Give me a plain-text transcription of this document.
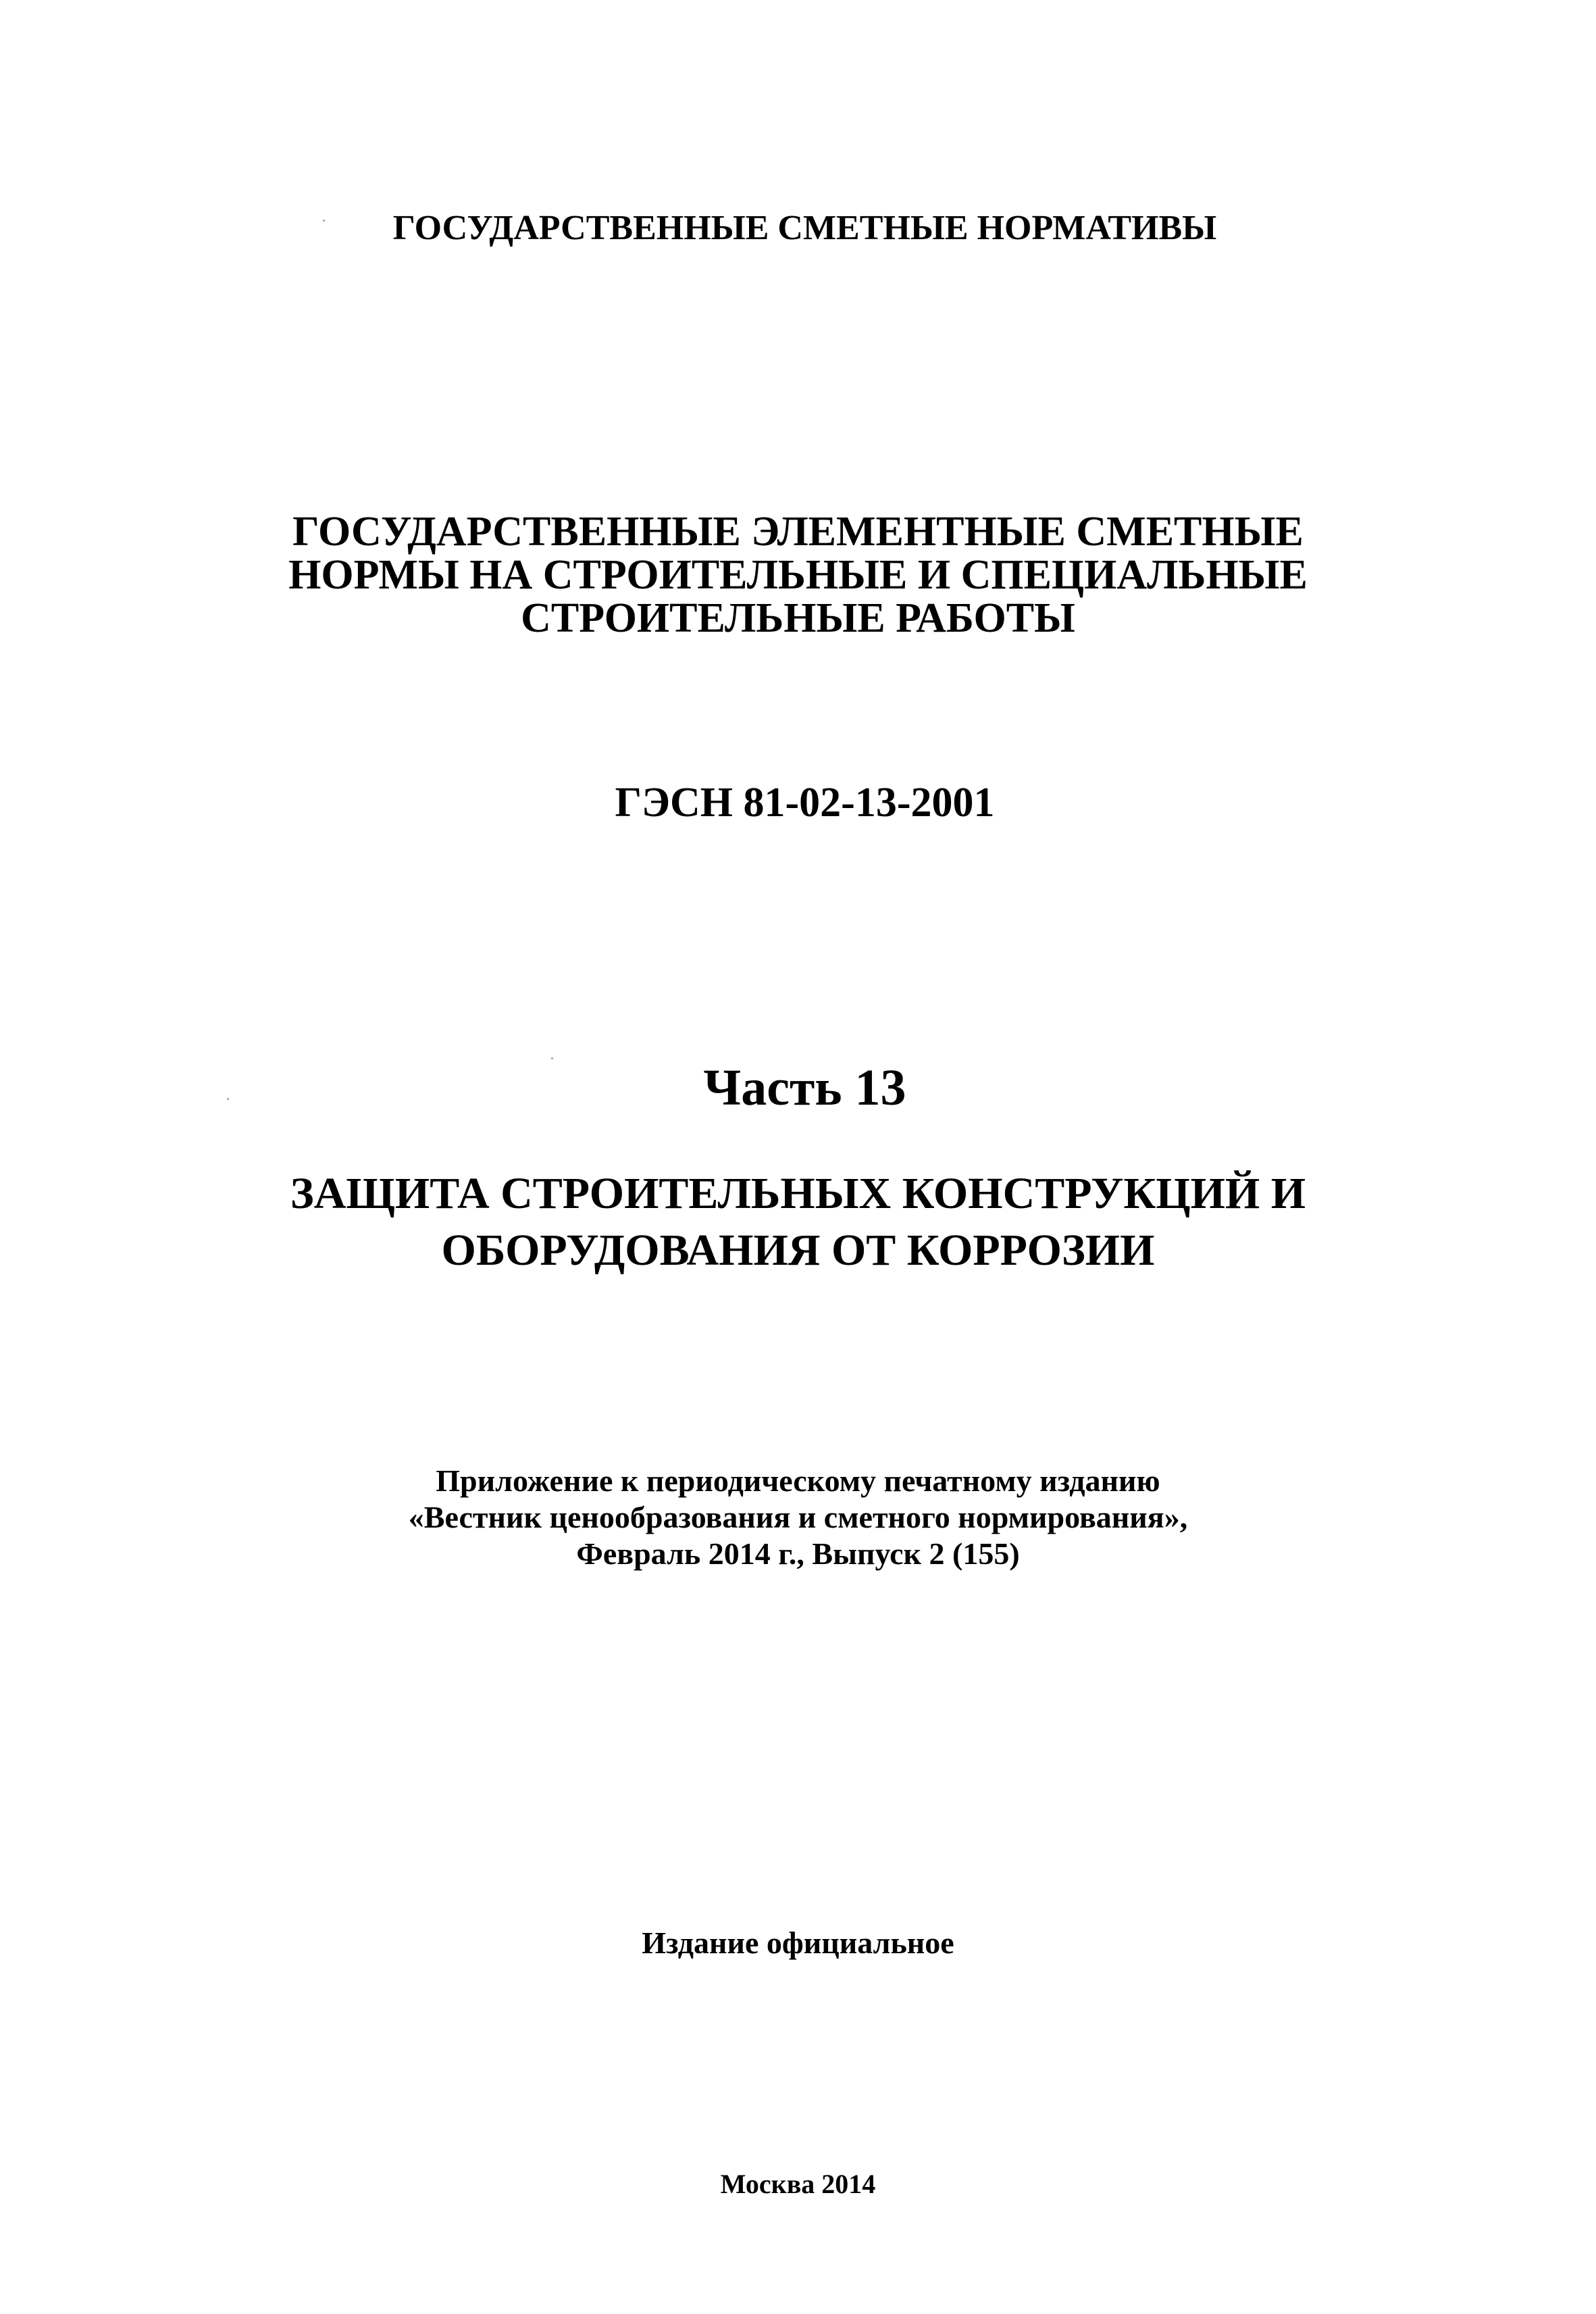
ГОСУДАРСТВЕННЫЕ СМЕТНЫЕ НОРМАТИВЫ
ГОСУДАРСТВЕННЫЕ ЭЛЕМЕНТНЫЕ СМЕТНЫЕ
НОРМЫ НА СТРОИТЕЛЬНЫЕ И СПЕЦИАЛЬНЫЕ
СТРОИТЕЛЬНЫЕ РАБОТЫ
ГЭСН 81-02-13-2001
Часть 13
ЗАЩИТА СТРОИТЕЛЬНЫХ КОНСТРУКЦИЙ И
ОБОРУДОВАНИЯ ОТ КОРРОЗИИ
Приложение к периодическому печатному изданию
«Вестник ценообразования и сметного нормирования»,
Февраль 2014 г., Выпуск 2 (155)
Издание официальное
Москва 2014
